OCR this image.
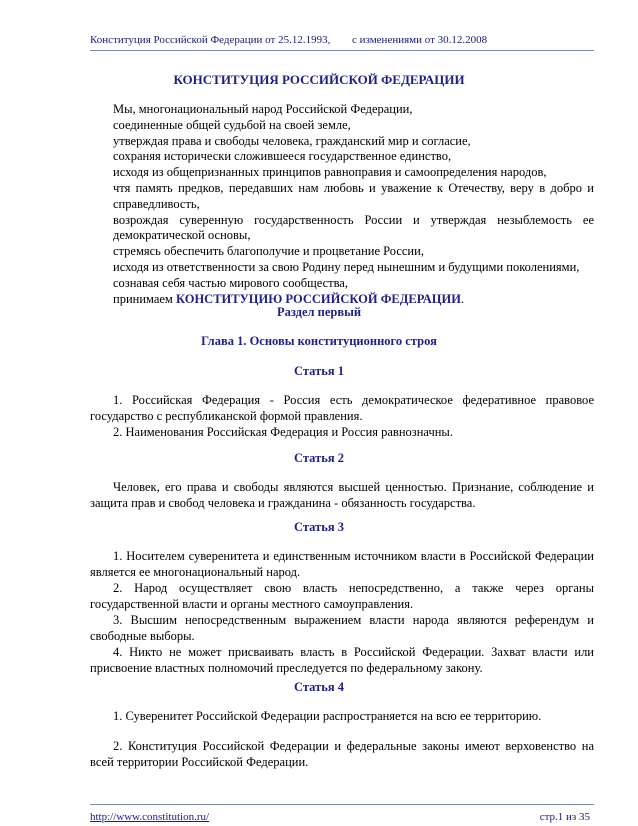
Конституция Российской Федерации от 25.12.1993, с изменениями от 30.12.2008
КОНСТИТУЦИЯ РОССИЙСКОЙ ФЕДЕРАЦИИ

Мы, многонациональный народ Российской Федерации,

соединенные общей судьбой на своей земле,

утверждая права и свободы человека, гражданский мир и согласие,

сохраняя исторически сложившееся государственное единство,

исходя из общепризнанных принципов равноправия и самоопределения народов,

чтя память предков, передавших нам любовь и уважение к Отечеству, веру в добро и справедливость,

возрождая суверенную государственность России и утверждая незыблемость ее демократической основы,

стремясь обеспечить благополучие и процветание России,

исходя из ответственности за свою Родину перед нынешним и будущими поколениями,

сознавая себя частью мирового сообщества,

принимаем КОНСТИТУЦИЮ РОССИЙСКОЙ ФЕДЕРАЦИИ.

Раздел первый
Глава 1. Основы конституционного строя
Статья 1

1. Российская Федерация - Россия есть демократическое федеративное правовое государство с республиканской формой правления.

2. Наименования Российская Федерация и Россия равнозначны.

Статья 2

Человек, его права и свободы являются высшей ценностью. Признание, соблюдение и защита прав и свобод человека и гражданина - обязанность государства.

Статья 3

1. Носителем суверенитета и единственным источником власти в Российской Федерации является ее многонациональный народ.

2. Народ осуществляет свою власть непосредственно, а также через органы государственной власти и органы местного самоуправления.

3. Высшим непосредственным выражением власти народа являются референдум и свободные выборы.

4. Никто не может присваивать власть в Российской Федерации. Захват власти или присвоение властных полномочий преследуется по федеральному закону.

Статья 4

1. Суверенитет Российской Федерации распространяется на всю ее территорию.

2. Конституция Российской Федерации и федеральные законы имеют верховенство на всей территории Российской Федерации.

http://www.constitution.ru/	стр.1 из 35
